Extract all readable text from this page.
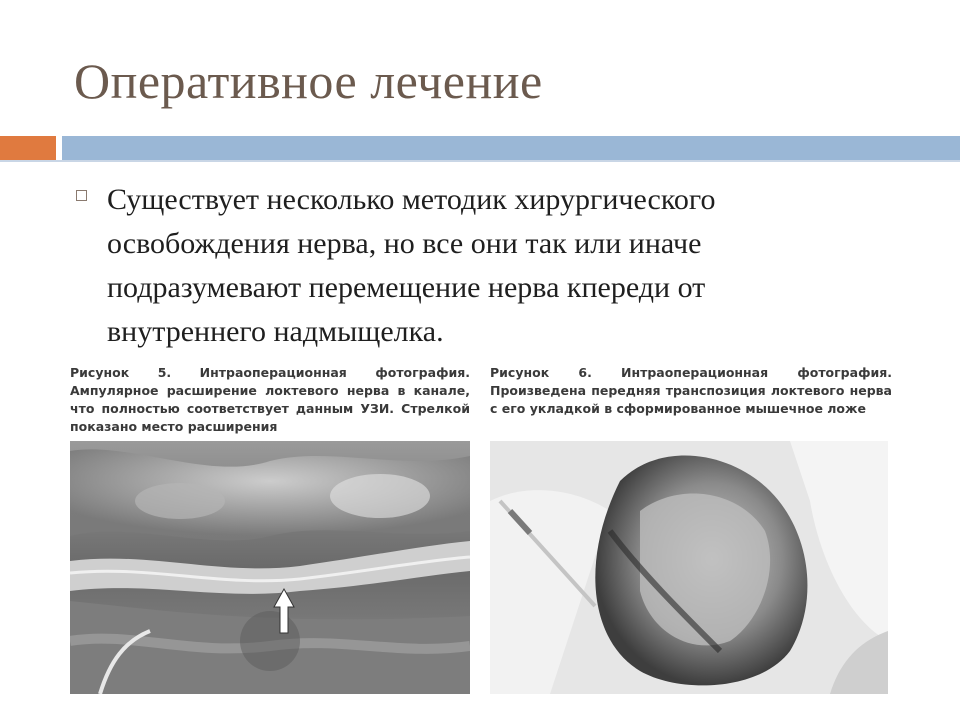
Оперативное лечение
Существует несколько методик хирургического освобождения нерва, но все они так или иначе подразумевают перемещение нерва кпереди от внутреннего надмыщелка.
Рисунок 5. Интраоперационная фотография. Ампулярное расширение локтевого нерва в канале, что полностью соответствует данным УЗИ. Стрелкой показано место расширения
Рисунок 6. Интраоперационная фотография. Произведена передняя транспозиция локтевого нерва с его укладкой в сформированное мышечное ложе
